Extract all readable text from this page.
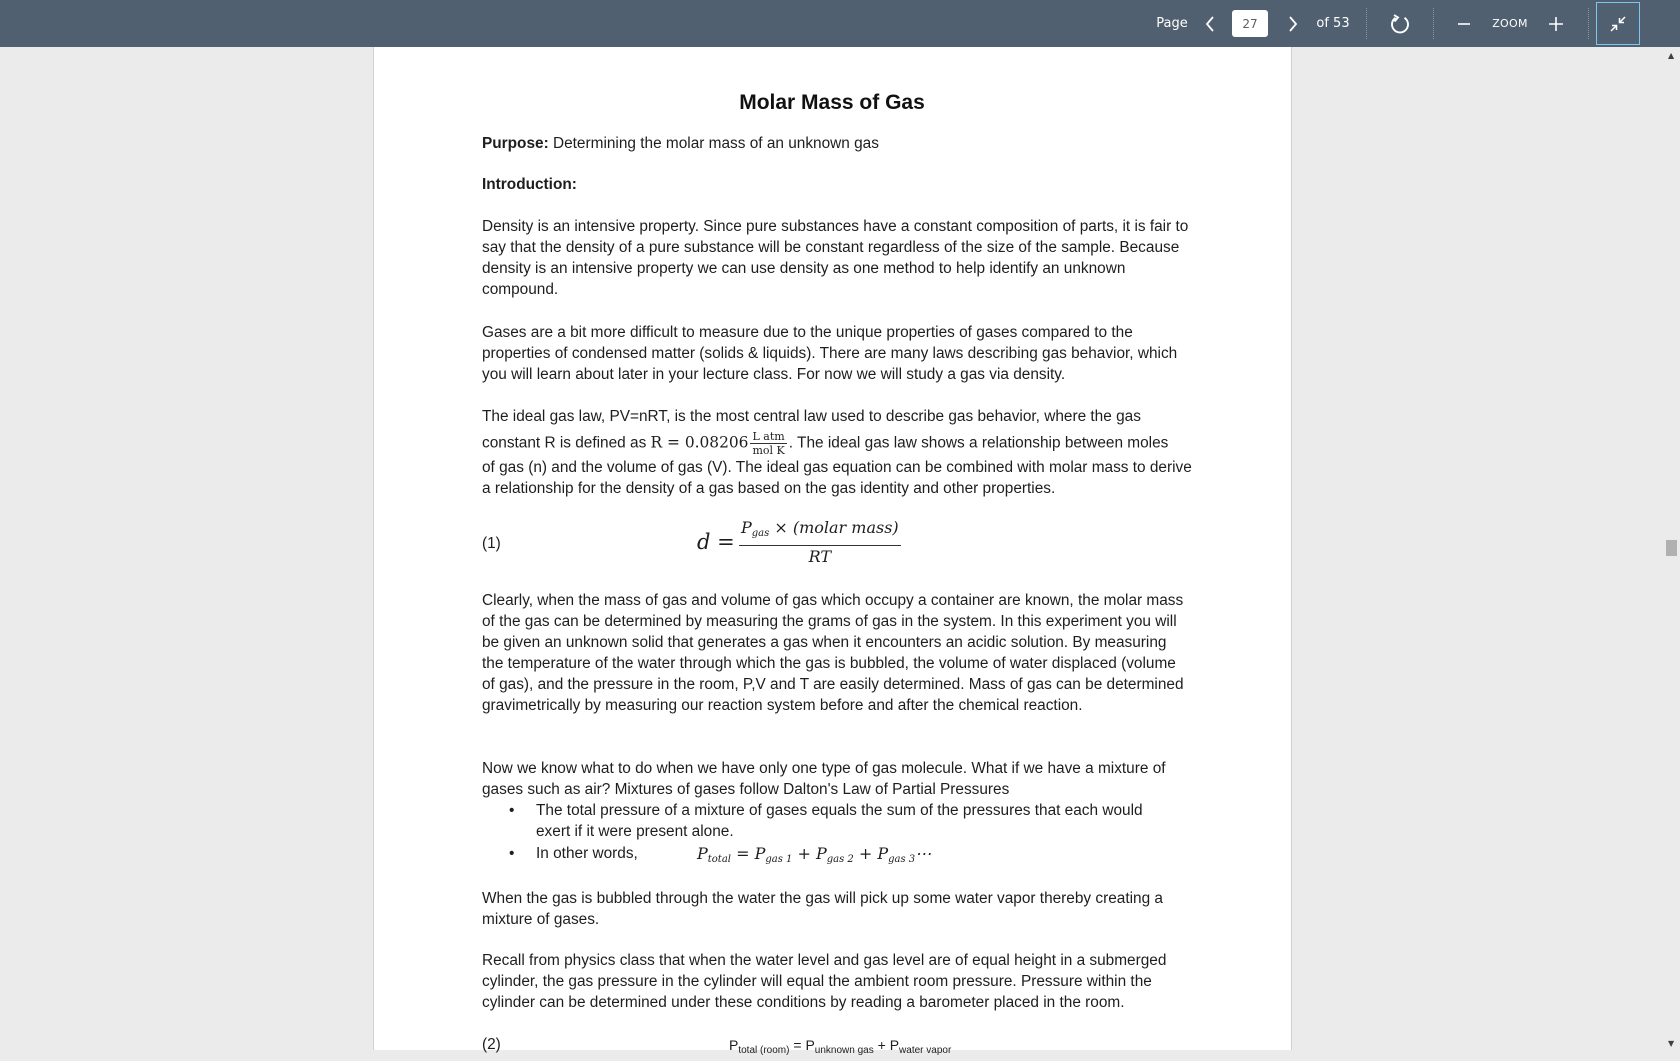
Page
27	of 53	ZOOM
Molar Mass of Gas
Purpose: Determining the molar mass of an unknown gas
Introduction:
Density is an intensive property. Since pure substances have a constant composition of parts, it is fair to say that the density of a pure substance will be constant regardless of the size of the sample. Because density is an intensive property we can use density as one method to help identify an unknown compound.
Gases are a bit more difficult to measure due to the unique properties of gases compared to the properties of condensed matter (solids & liquids). There are many laws describing gas behavior, which you will learn about later in your lecture class. For now we will study a gas via density.
The ideal gas law, PV=nRT, is the most central law used to describe gas behavior, where the gas
constant R is defined as $R = 0.08206 \frac{\text{L atm}}{\text{mol K}}$ . The ideal gas law shows a relationship between moles
of gas (n) and the volume of gas (V). The ideal gas equation can be combined with molar mass to derive a relationship for the density of a gas based on the gas identity and other properties.
(1)	d =
$P_{gas}$ × (molar mass)
RT
Clearly, when the mass of gas and volume of gas which occupy a container are known, the molar mass of the gas can be determined by measuring the grams of gas in the system. In this experiment you will be given an unknown solid that generates a gas when it encounters an acidic solution. By measuring the temperature of the water through which the gas is bubbled, the volume of water displaced (volume of gas), and the pressure in the room, P,V and T are easily determined. Mass of gas can be determined gravimetrically by measuring our reaction system before and after the chemical reaction.
Now we know what to do when we have only one type of gas molecule. What if we have a mixture of gases such as air? Mixtures of gases follow Dalton's Law of Partial Pressures
• The total pressure of a mixture of gases equals the sum of the pressures that each would exert if it were present alone.
• In other words,	$P_{total} = P_{gas 1} + P_{gas 2}$ + $P_{gas 3}\cdots$
When the gas is bubbled through the water the gas will pick up some water vapor thereby creating a mixture of gases.
Recall from physics class that when the water level and gas level are of equal height in a submerged cylinder, the gas pressure in the cylinder will equal the ambient room pressure. Pressure within the cylinder can be determined under these conditions by reading a barometer placed in the room.
(2)	$P_{total (room)} = P_{unknown gas} + P_{water vapor}$
▲
▼
